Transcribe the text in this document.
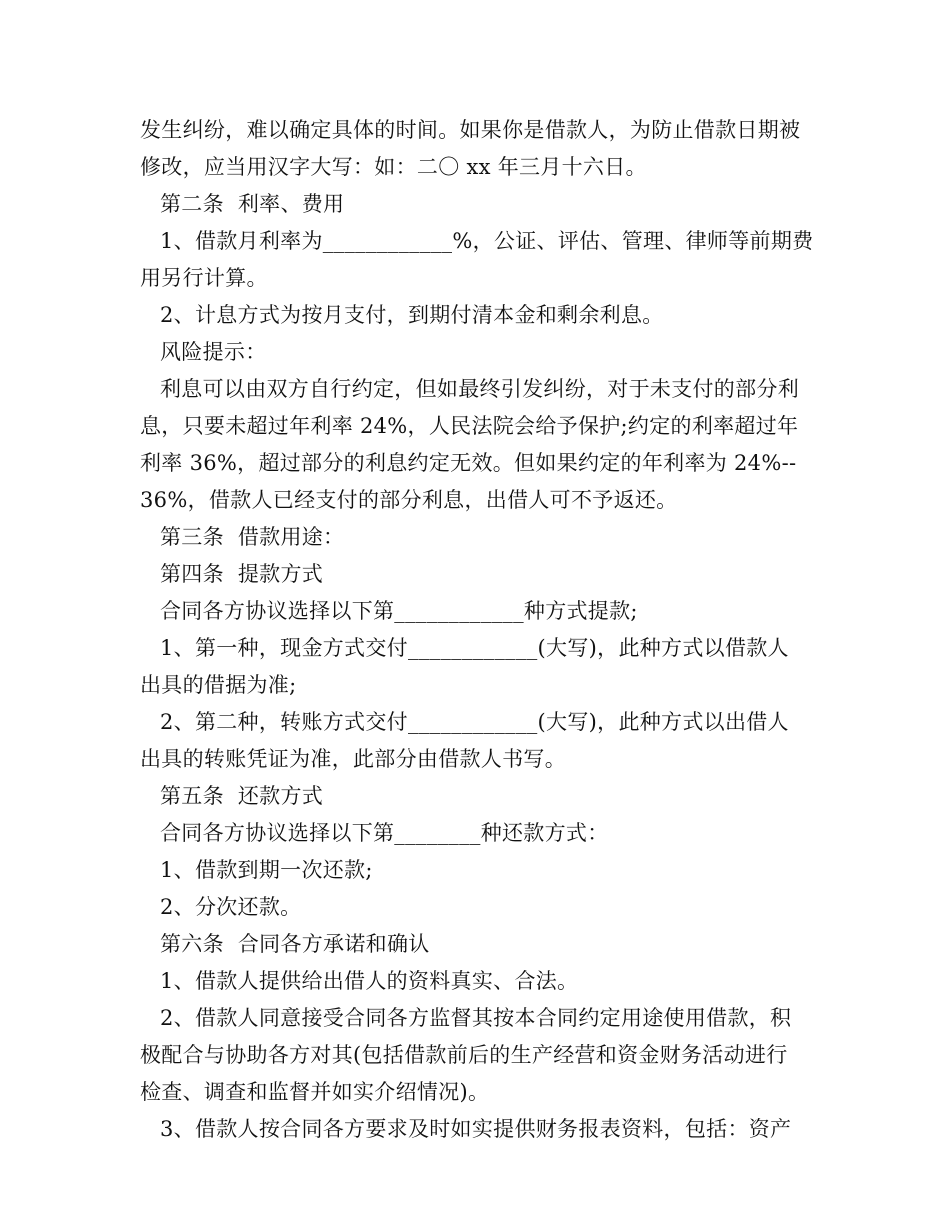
发生纠纷，难以确定具体的时间。如果你是借款人，为防止借款日期被
修改，应当用汉字大写：如：二〇 xx 年三月十六日。
第二条  利率、费用
1、借款月利率为____________%，公证、评估、管理、律师等前期费
用另行计算。
2、计息方式为按月支付，到期付清本金和剩余利息。
风险提示：
利息可以由双方自行约定，但如最终引发纠纷，对于未支付的部分利
息，只要未超过年利率 24%，人民法院会给予保护;约定的利率超过年
利率 36%，超过部分的利息约定无效。但如果约定的年利率为 24%--
36%，借款人已经支付的部分利息，出借人可不予返还。
第三条  借款用途：
第四条  提款方式
合同各方协议选择以下第____________种方式提款;
1、第一种，现金方式交付____________(大写)，此种方式以借款人
出具的借据为准;
2、第二种，转账方式交付____________(大写)，此种方式以出借人
出具的转账凭证为准，此部分由借款人书写。
第五条  还款方式
合同各方协议选择以下第________种还款方式：
1、借款到期一次还款;
2、分次还款。
第六条  合同各方承诺和确认
1、借款人提供给出借人的资料真实、合法。
2、借款人同意接受合同各方监督其按本合同约定用途使用借款，积
极配合与协助各方对其(包括借款前后的生产经营和资金财务活动进行
检查、调查和监督并如实介绍情况)。
3、借款人按合同各方要求及时如实提供财务报表资料，包括：资产
